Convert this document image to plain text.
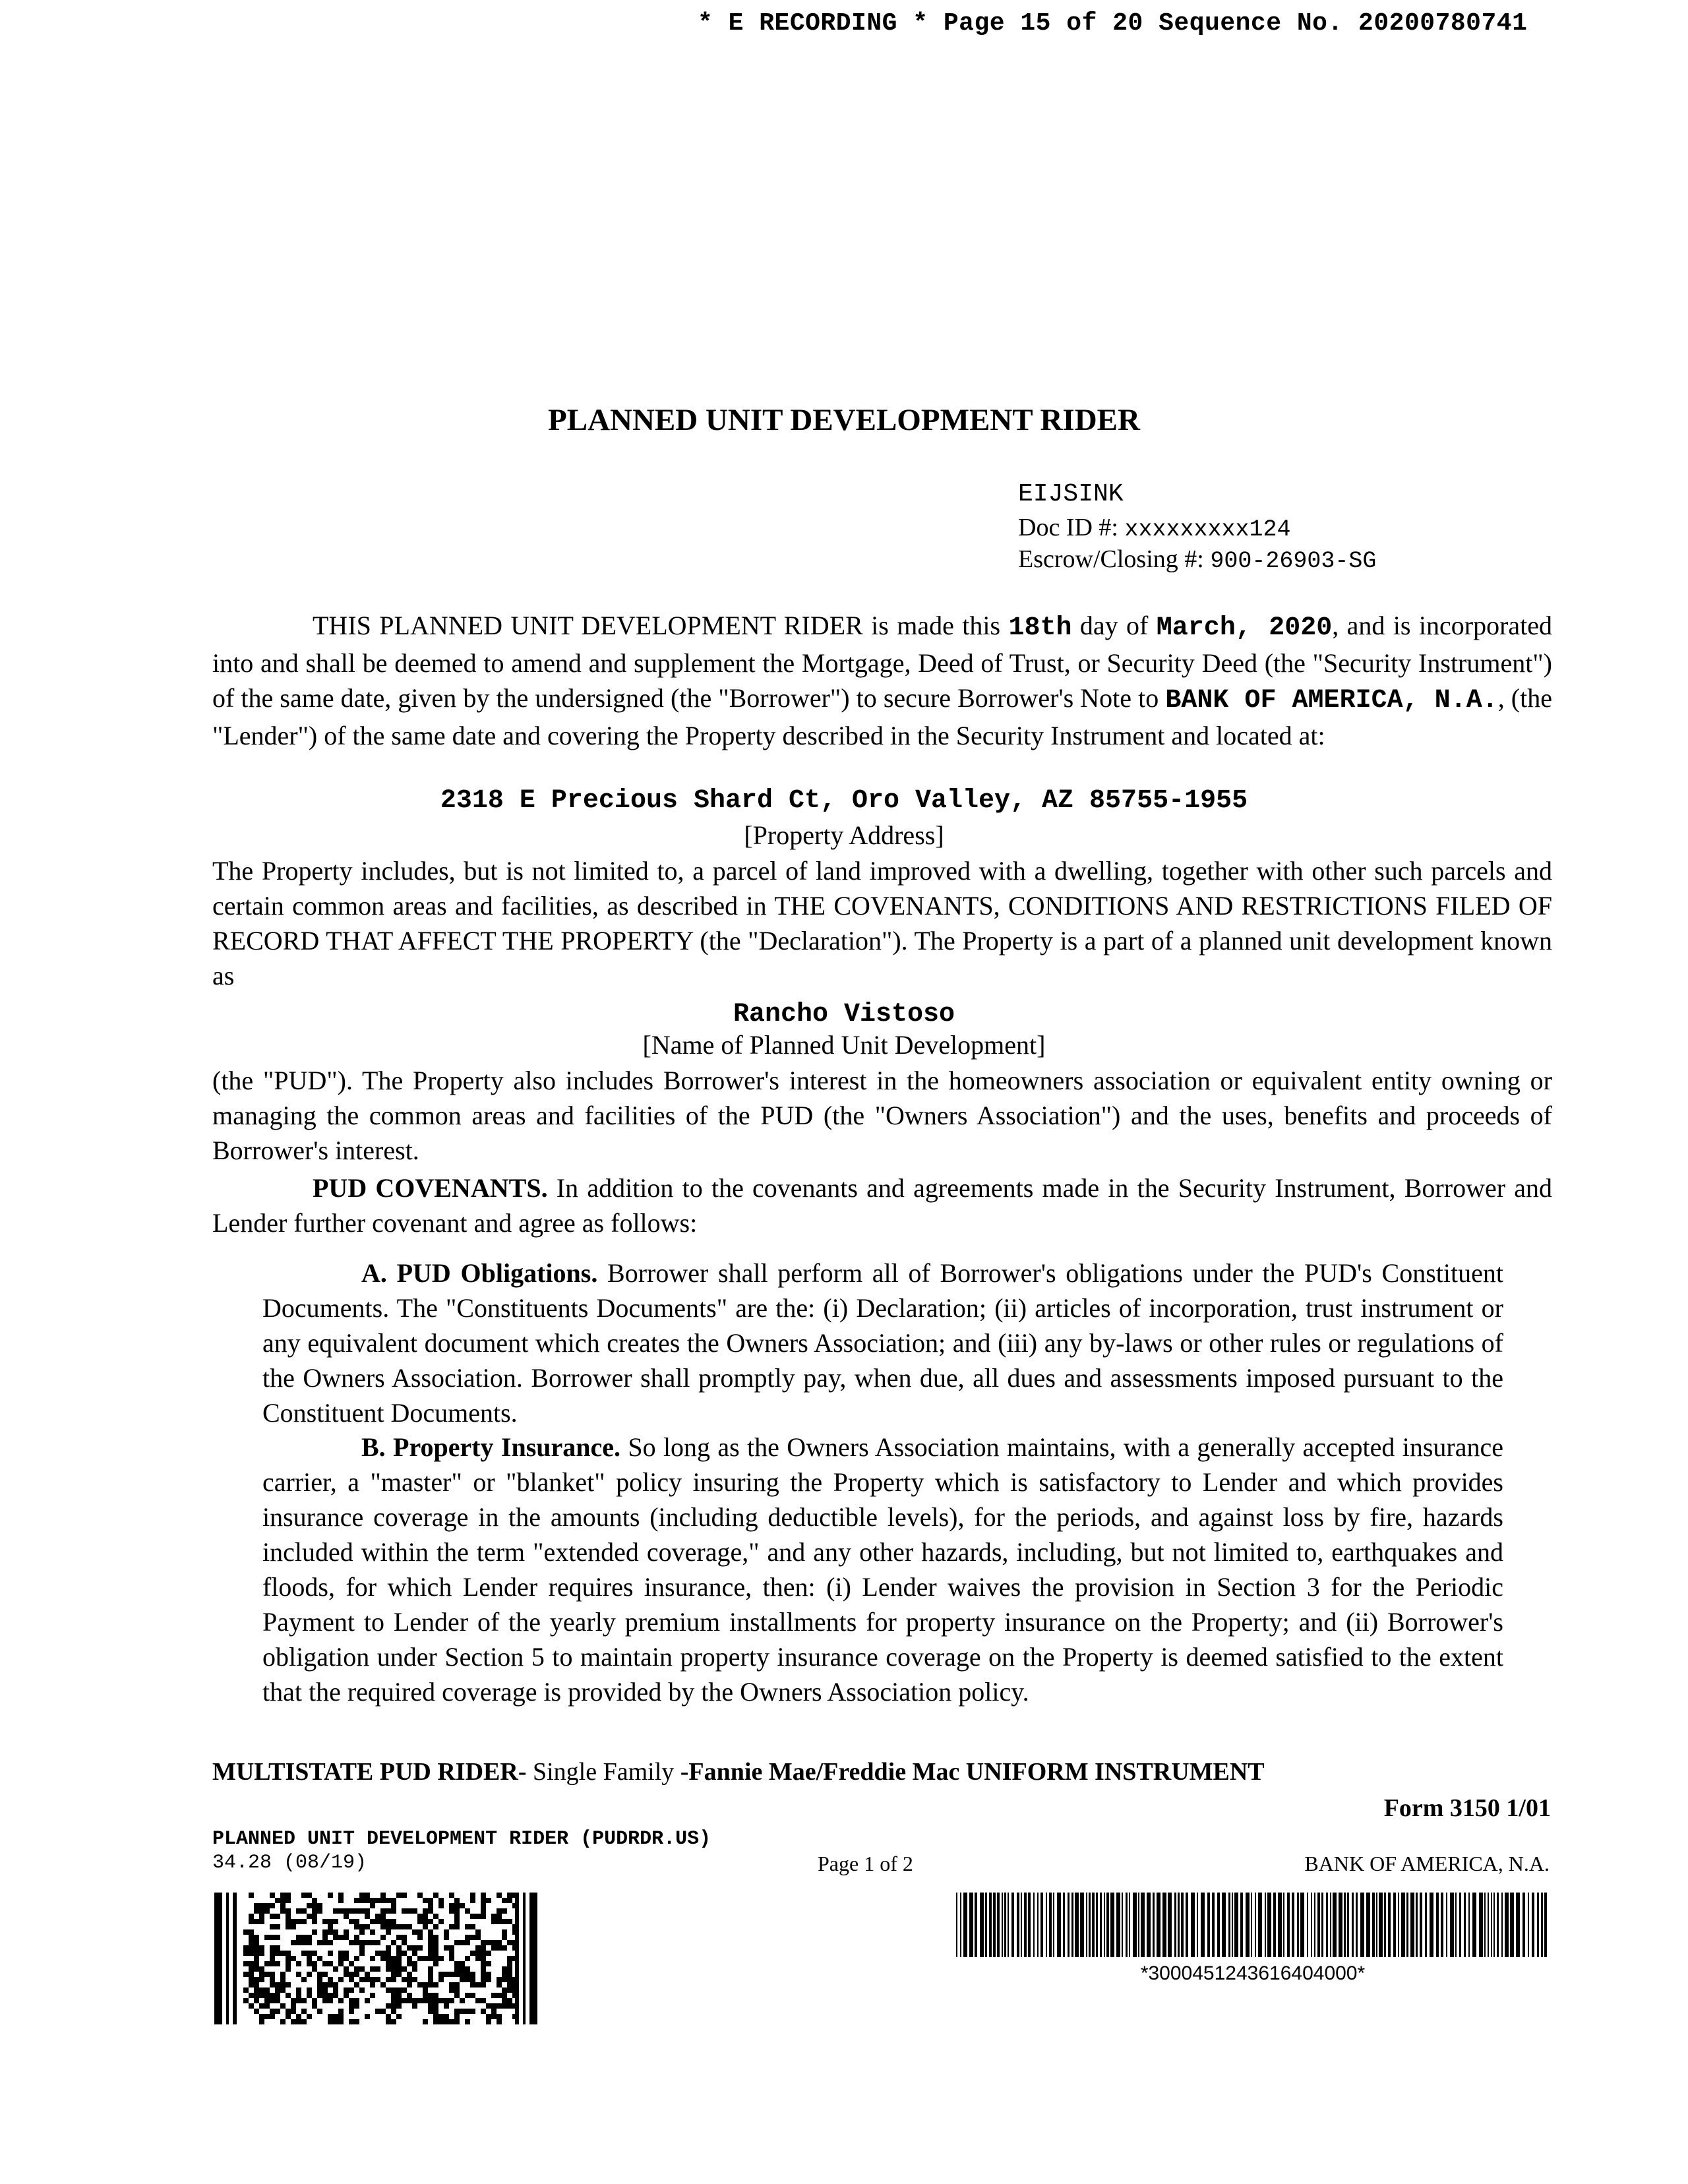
* E RECORDING * Page 15 of 20 Sequence No. 20200780741
PLANNED UNIT DEVELOPMENT RIDER
EIJSINK
Doc ID #: xxxxxxxxx124
Escrow/Closing #: 900-26903-SG

THIS PLANNED UNIT DEVELOPMENT RIDER is made this 18th day of March, 2020, and is incorporated into and shall be deemed to amend and supplement the Mortgage, Deed of Trust, or Security Deed (the "Security Instrument") of the same date, given by the undersigned (the "Borrower") to secure Borrower's Note to BANK OF AMERICA, N.A., (the "Lender") of the same date and covering the Property described in the Security Instrument and located at:

2318 E Precious Shard Ct, Oro Valley, AZ 85755-1955
[Property Address]

The Property includes, but is not limited to, a parcel of land improved with a dwelling, together with other such parcels and certain common areas and facilities, as described in THE COVENANTS, CONDITIONS AND RESTRICTIONS FILED OF RECORD THAT AFFECT THE PROPERTY (the "Declaration"). The Property is a part of a planned unit development known as

Rancho Vistoso
[Name of Planned Unit Development]

(the "PUD"). The Property also includes Borrower's interest in the homeowners association or equivalent entity owning or managing the common areas and facilities of the PUD (the "Owners Association") and the uses, benefits and proceeds of Borrower's interest.

PUD COVENANTS. In addition to the covenants and agreements made in the Security Instrument, Borrower and Lender further covenant and agree as follows:

A. PUD Obligations. Borrower shall perform all of Borrower's obligations under the PUD's Constituent Documents. The "Constituents Documents" are the: (i) Declaration; (ii) articles of incorporation, trust instrument or any equivalent document which creates the Owners Association; and (iii) any by-laws or other rules or regulations of the Owners Association. Borrower shall promptly pay, when due, all dues and assessments imposed pursuant to the Constituent Documents.

B. Property Insurance. So long as the Owners Association maintains, with a generally accepted insurance carrier, a "master" or "blanket" policy insuring the Property which is satisfactory to Lender and which provides insurance coverage in the amounts (including deductible levels), for the periods, and against loss by fire, hazards included within the term "extended coverage," and any other hazards, including, but not limited to, earthquakes and floods, for which Lender requires insurance, then: (i) Lender waives the provision in Section 3 for the Periodic Payment to Lender of the yearly premium installments for property insurance on the Property; and (ii) Borrower's obligation under Section 5 to maintain property insurance coverage on the Property is deemed satisfied to the extent that the required coverage is provided by the Owners Association policy.

MULTISTATE PUD RIDER- Single Family -Fannie Mae/Freddie Mac UNIFORM INSTRUMENT
Form 3150 1/01
PLANNED UNIT DEVELOPMENT RIDER (PUDRDR.US)
34.28 (08/19)	Page 1 of 2	BANK OF AMERICA, N.A.
*3000451243616404000*
